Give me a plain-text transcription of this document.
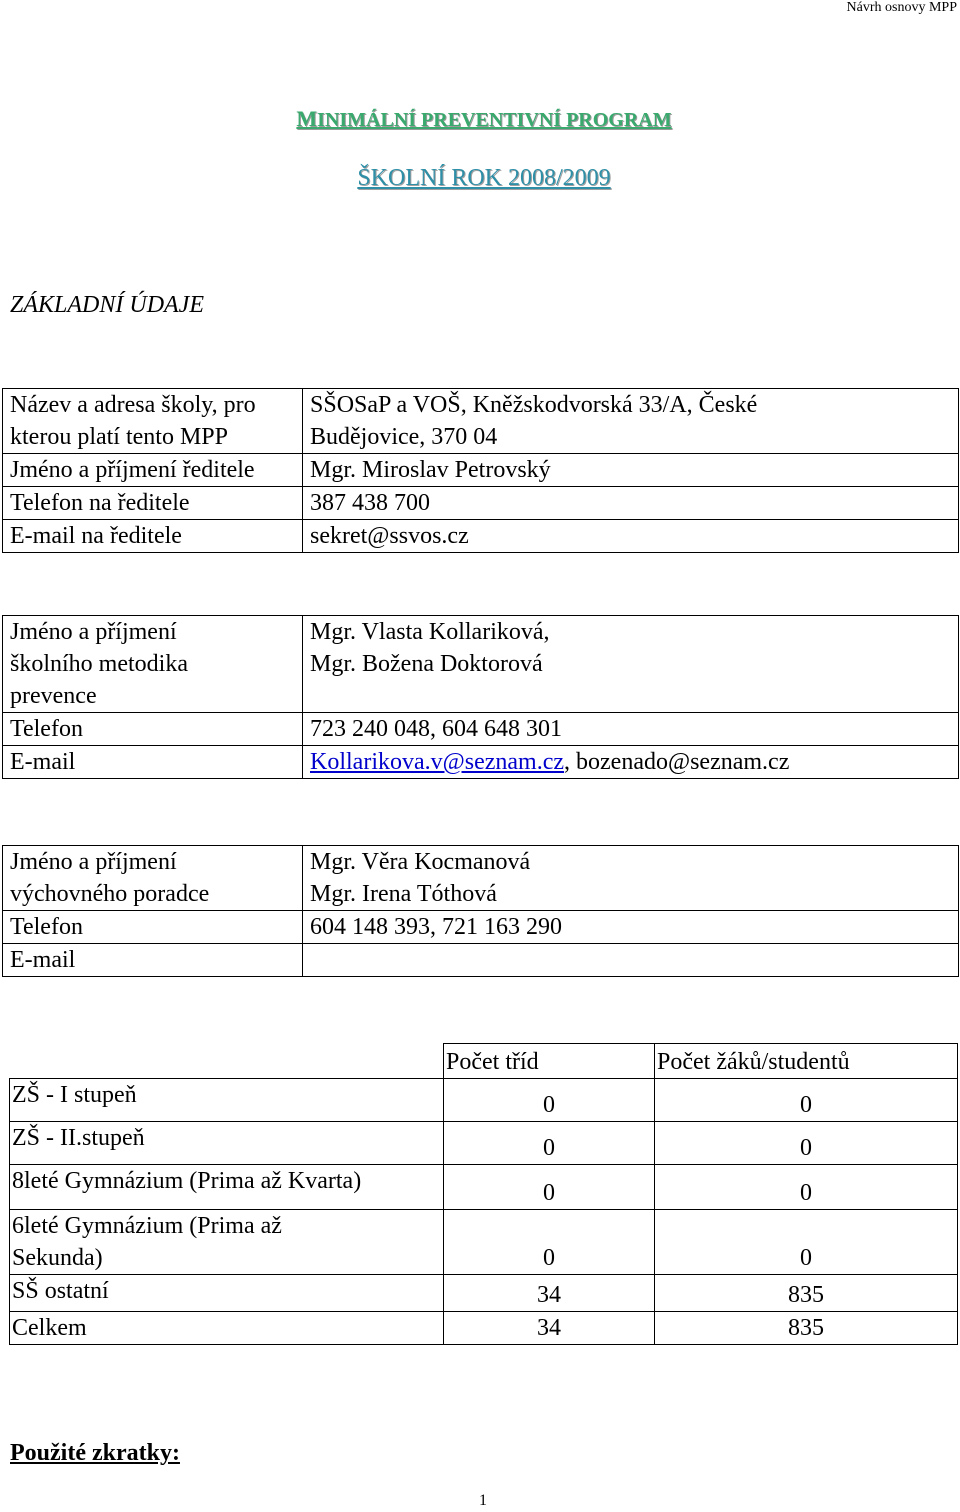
Návrh osnovy MPP
MINIMÁLNÍ PREVENTIVNÍ PROGRAM
ŠKOLNÍ ROK 2008/2009
ZÁKLADNÍ ÚDAJE
Název a adresa školy, pro
kterou platí tento MPP	SŠOSaP a VOŠ, Kněžskodvorská 33/A, České
Budějovice, 370 04
Jméno a příjmení ředitele	Mgr. Miroslav Petrovský
Telefon na ředitele	387 438 700
E-mail na ředitele	sekret@ssvos.cz
Jméno a příjmení
školního metodika
prevence	Mgr. Vlasta Kollariková,
Mgr. Božena Doktorová
Telefon	723 240 048, 604 648 301
E-mail	Kollarikova.v@seznam.cz, bozenado@seznam.cz
Jméno a příjmení
výchovného poradce	Mgr. Věra Kocmanová
Mgr. Irena Tóthová
Telefon	604 148 393, 721 163 290
E-mail	
	Počet tříd	Počet žáků/studentů
ZŠ - I stupeň	0	0
ZŠ - II.stupeň	0	0
8leté Gymnázium (Prima až Kvarta)	0	0
6leté Gymnázium (Prima až
Sekunda)	0	0
SŠ ostatní	34	835
Celkem	34	835
Použité zkratky:
1
